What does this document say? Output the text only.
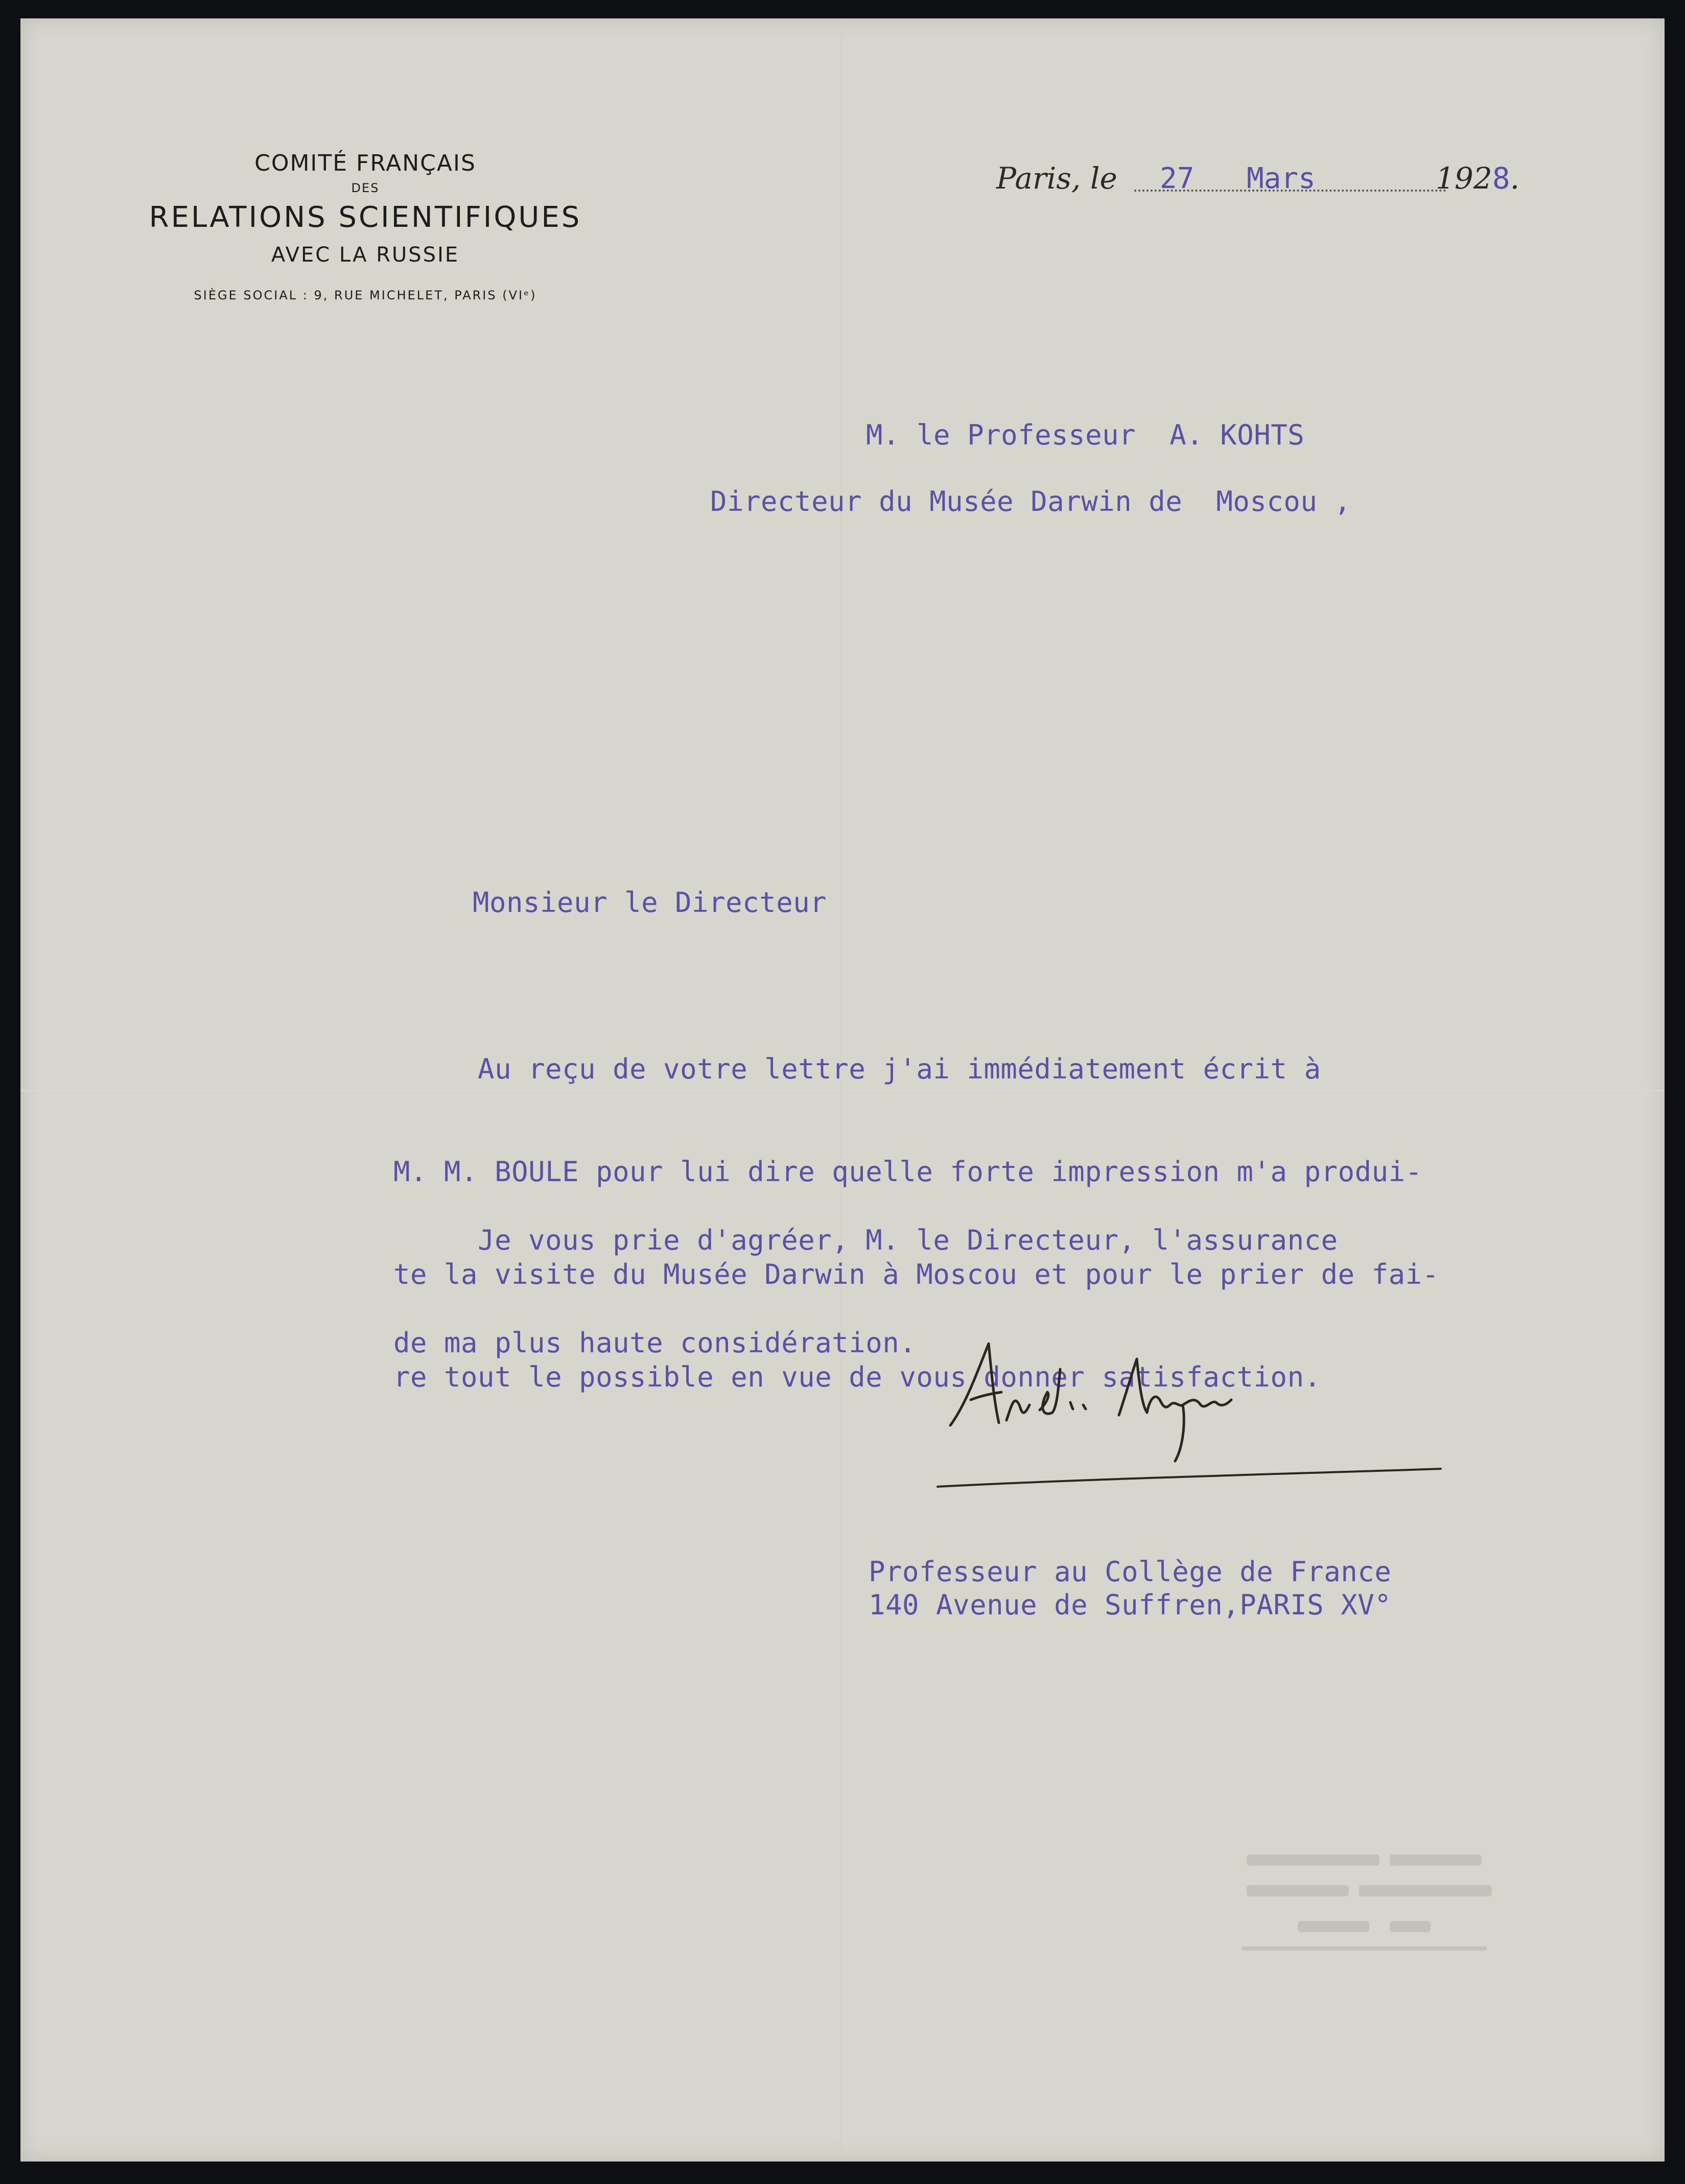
COMITÉ FRANÇAIS
DES
RELATIONS SCIENTIFIQUES
AVEC LA RUSSIE
SIÈGE SOCIAL : 9, RUE MICHELET, PARIS (VIᵉ)
Paris, le 27 Mars	1928.
M. le Professeur  A. KOHTS
Directeur du Musée Darwin de  Moscou ,
Monsieur le Directeur

Au reçu de votre lettre j'ai immédiatement écrit à

M. M. BOULE pour lui dire quelle forte impression m'a produi-

te la visite du Musée Darwin à Moscou et pour le prier de fai-

re tout le possible en vue de vous donner satisfaction.

Je vous prie d'agréer, M. le Directeur, l'assurance

de ma plus haute considération.

Professeur au Collège de France
140 Avenue de Suffren,PARIS XV°
